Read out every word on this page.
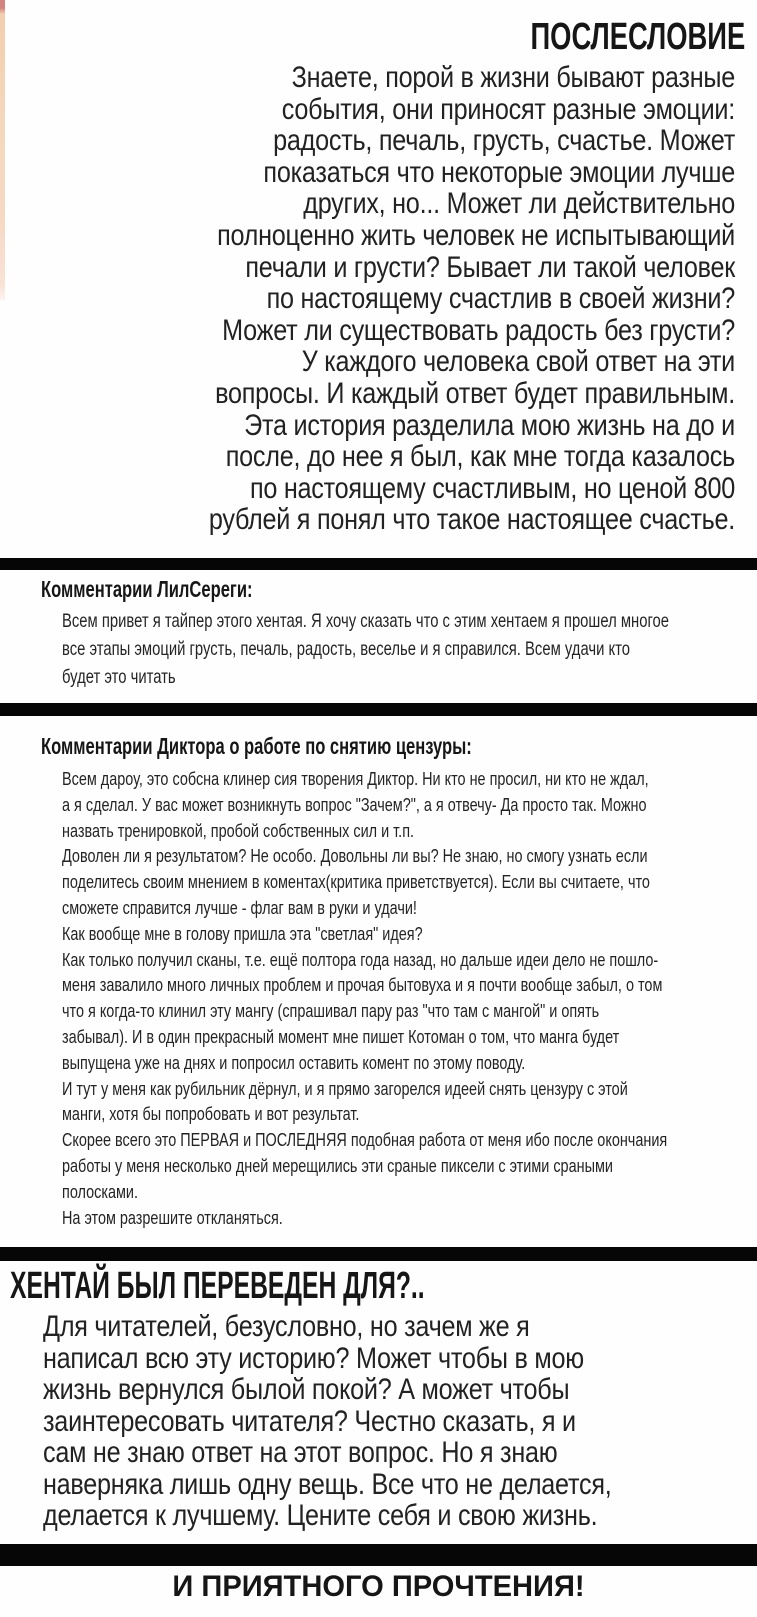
ПОСЛЕСЛОВИЕ
Знаете, порой в жизни бывают разные
события, они приносят разные эмоции:
радость, печаль, грусть, счастье. Может
показаться что некоторые эмоции лучше
других, но... Может ли действительно
полноценно жить человек не испытывающий
печали и грусти? Бывает ли такой человек
по настоящему счастлив в своей жизни?
Может ли существовать радость без грусти?
У каждого человека свой ответ на эти
вопросы. И каждый ответ будет правильным.
Эта история разделила мою жизнь на до и
после, до нее я был, как мне тогда казалось
по настоящему счастливым, но ценой 800
рублей я понял что такое настоящее счастье.
Комментарии ЛилСереги:
Всем привет я тайпер этого хентая. Я хочу сказать что с этим хентаем я прошел многое
все этапы эмоций грусть, печаль, радость, веселье и я справился. Всем удачи кто
будет это читать
Комментарии Диктора о работе по снятию цензуры:
Всем дароу, это собсна клинер сия творения Диктор. Ни кто не просил, ни кто не ждал,
а я сделал. У вас может возникнуть вопрос "Зачем?", а я отвечу- Да просто так. Можно
назвать тренировкой, пробой собственных сил и т.п.
Доволен ли я результатом? Не особо. Довольны ли вы? Не знаю, но смогу узнать если
поделитесь своим мнением в коментах(критика приветствуется). Если вы считаете, что
сможете справится лучше - флаг вам в руки и удачи!
Как вообще мне в голову пришла эта "светлая" идея?
Как только получил сканы, т.е. ещё полтора года назад, но дальше идеи дело не пошло-
меня завалило много личных проблем и прочая бытовуха и я почти вообще забыл, о том
что я когда-то клинил эту мангу (спрашивал пару раз "что там с мангой" и опять
забывал). И в один прекрасный момент мне пишет Котоман о том, что манга будет
выпущена уже на днях и попросил оставить комент по этому поводу.
И тут у меня как рубильник дёрнул, и я прямо загорелся идеей снять цензуру с этой
манги, хотя бы попробовать и вот результат.
Скорее всего это ПЕРВАЯ и ПОСЛЕДНЯЯ подобная работа от меня ибо после окончания
работы у меня несколько дней мерещились эти сраные пиксели с этими сраными
полосками.
На этом разрешите откланяться.
ХЕНТАЙ БЫЛ ПЕРЕВЕДЕН ДЛЯ?..
Для читателей, безусловно, но зачем же я
написал всю эту историю? Может чтобы в мою
жизнь вернулся былой покой? А может чтобы
заинтересовать читателя? Честно сказать, я и
сам не знаю ответ на этот вопрос. Но я знаю
наверняка лишь одну вещь. Все что не делается,
делается к лучшему. Цените себя и свою жизнь.
И ПРИЯТНОГО ПРОЧТЕНИЯ!
